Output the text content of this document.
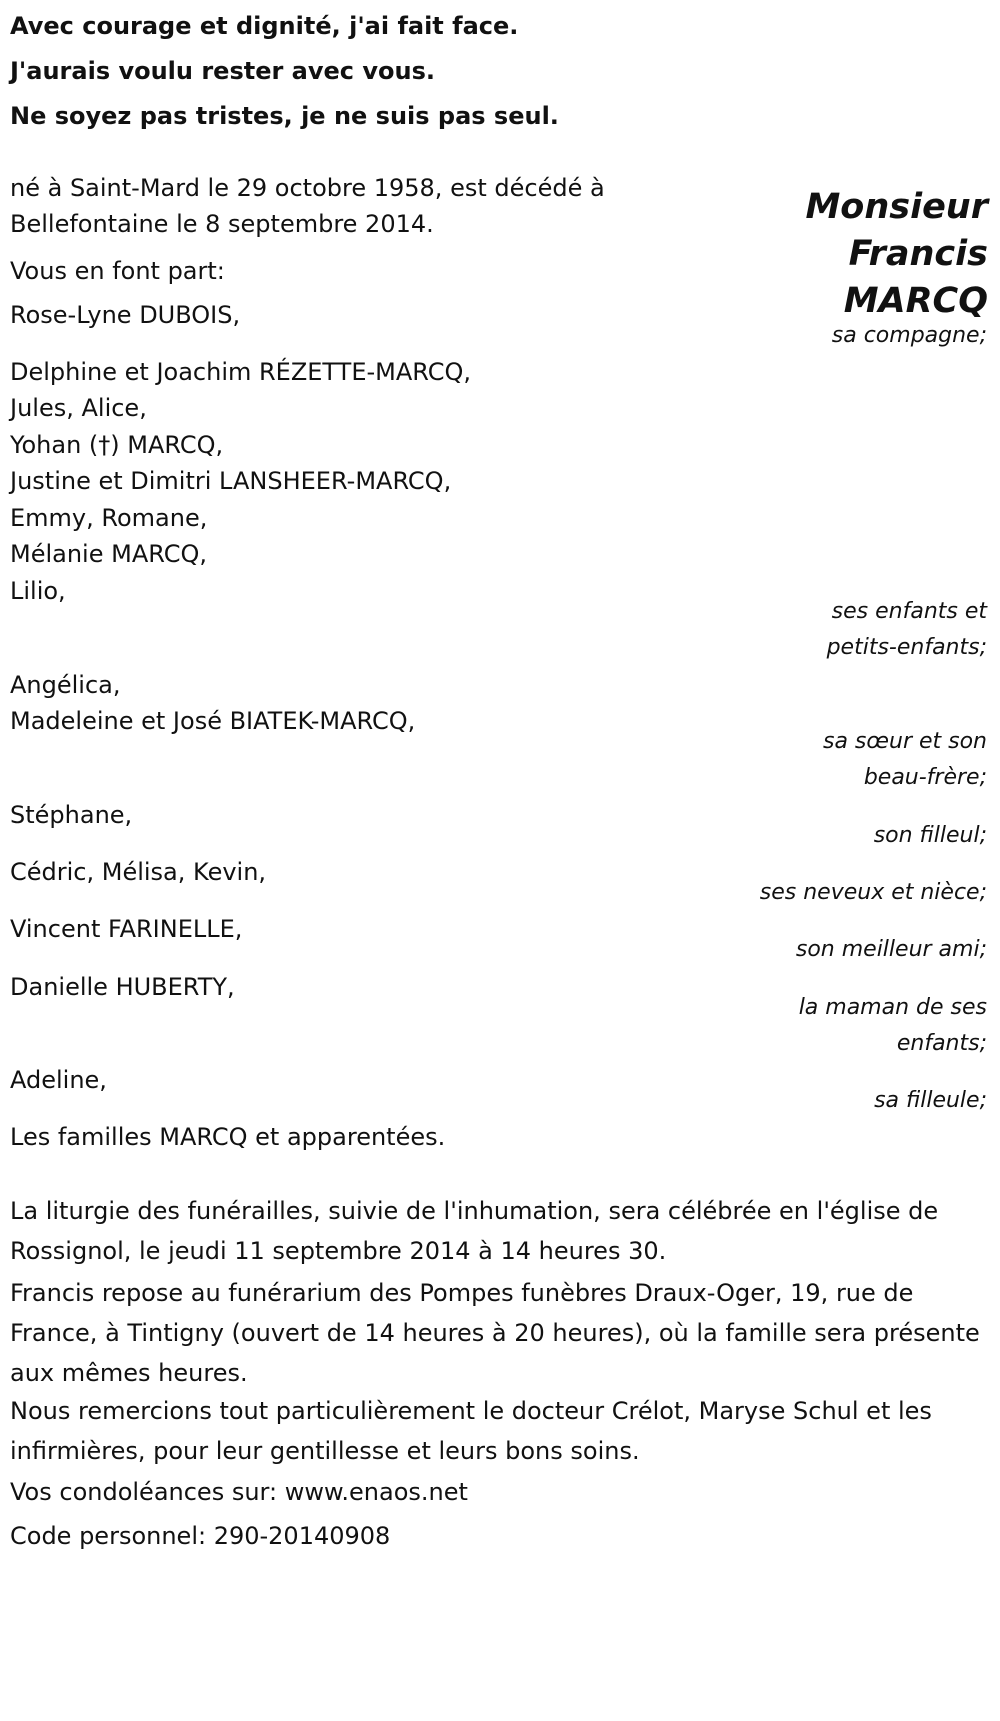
Avec courage et dignité, j'ai fait face.
J'aurais voulu rester avec vous.
Ne soyez pas tristes, je ne suis pas seul.
Monsieur
Francis
MARCQ
né à Saint-Mard le 29 octobre 1958, est décédé à
Bellefontaine le 8 septembre 2014.
Vous en font part:
Rose-Lyne DUBOIS,
sa compagne;
Delphine et Joachim RÉZETTE-MARCQ,
Jules, Alice,
Yohan (†) MARCQ,
Justine et Dimitri LANSHEER-MARCQ,
Emmy, Romane,
Mélanie MARCQ,
Lilio,
ses enfants et
petits-enfants;
Angélica,
Madeleine et José BIATEK-MARCQ,
sa sœur et son
beau-frère;
Stéphane,
son filleul;
Cédric, Mélisa, Kevin,
ses neveux et nièce;
Vincent FARINELLE,
son meilleur ami;
Danielle HUBERTY,
la maman de ses
enfants;
Adeline,
sa filleule;
Les familles MARCQ et apparentées.
La liturgie des funérailles, suivie de l'inhumation, sera célébrée en l'église de Rossignol, le jeudi 11 septembre 2014 à 14 heures 30.
Francis repose au funérarium des Pompes funèbres Draux-Oger, 19, rue de France, à Tintigny (ouvert de 14 heures à 20 heures), où la famille sera présente aux mêmes heures.
Nous remercions tout particulièrement le docteur Crélot, Maryse Schul et les infirmières, pour leur gentillesse et leurs bons soins.
Vos condoléances sur: www.enaos.net
Code personnel: 290-20140908
